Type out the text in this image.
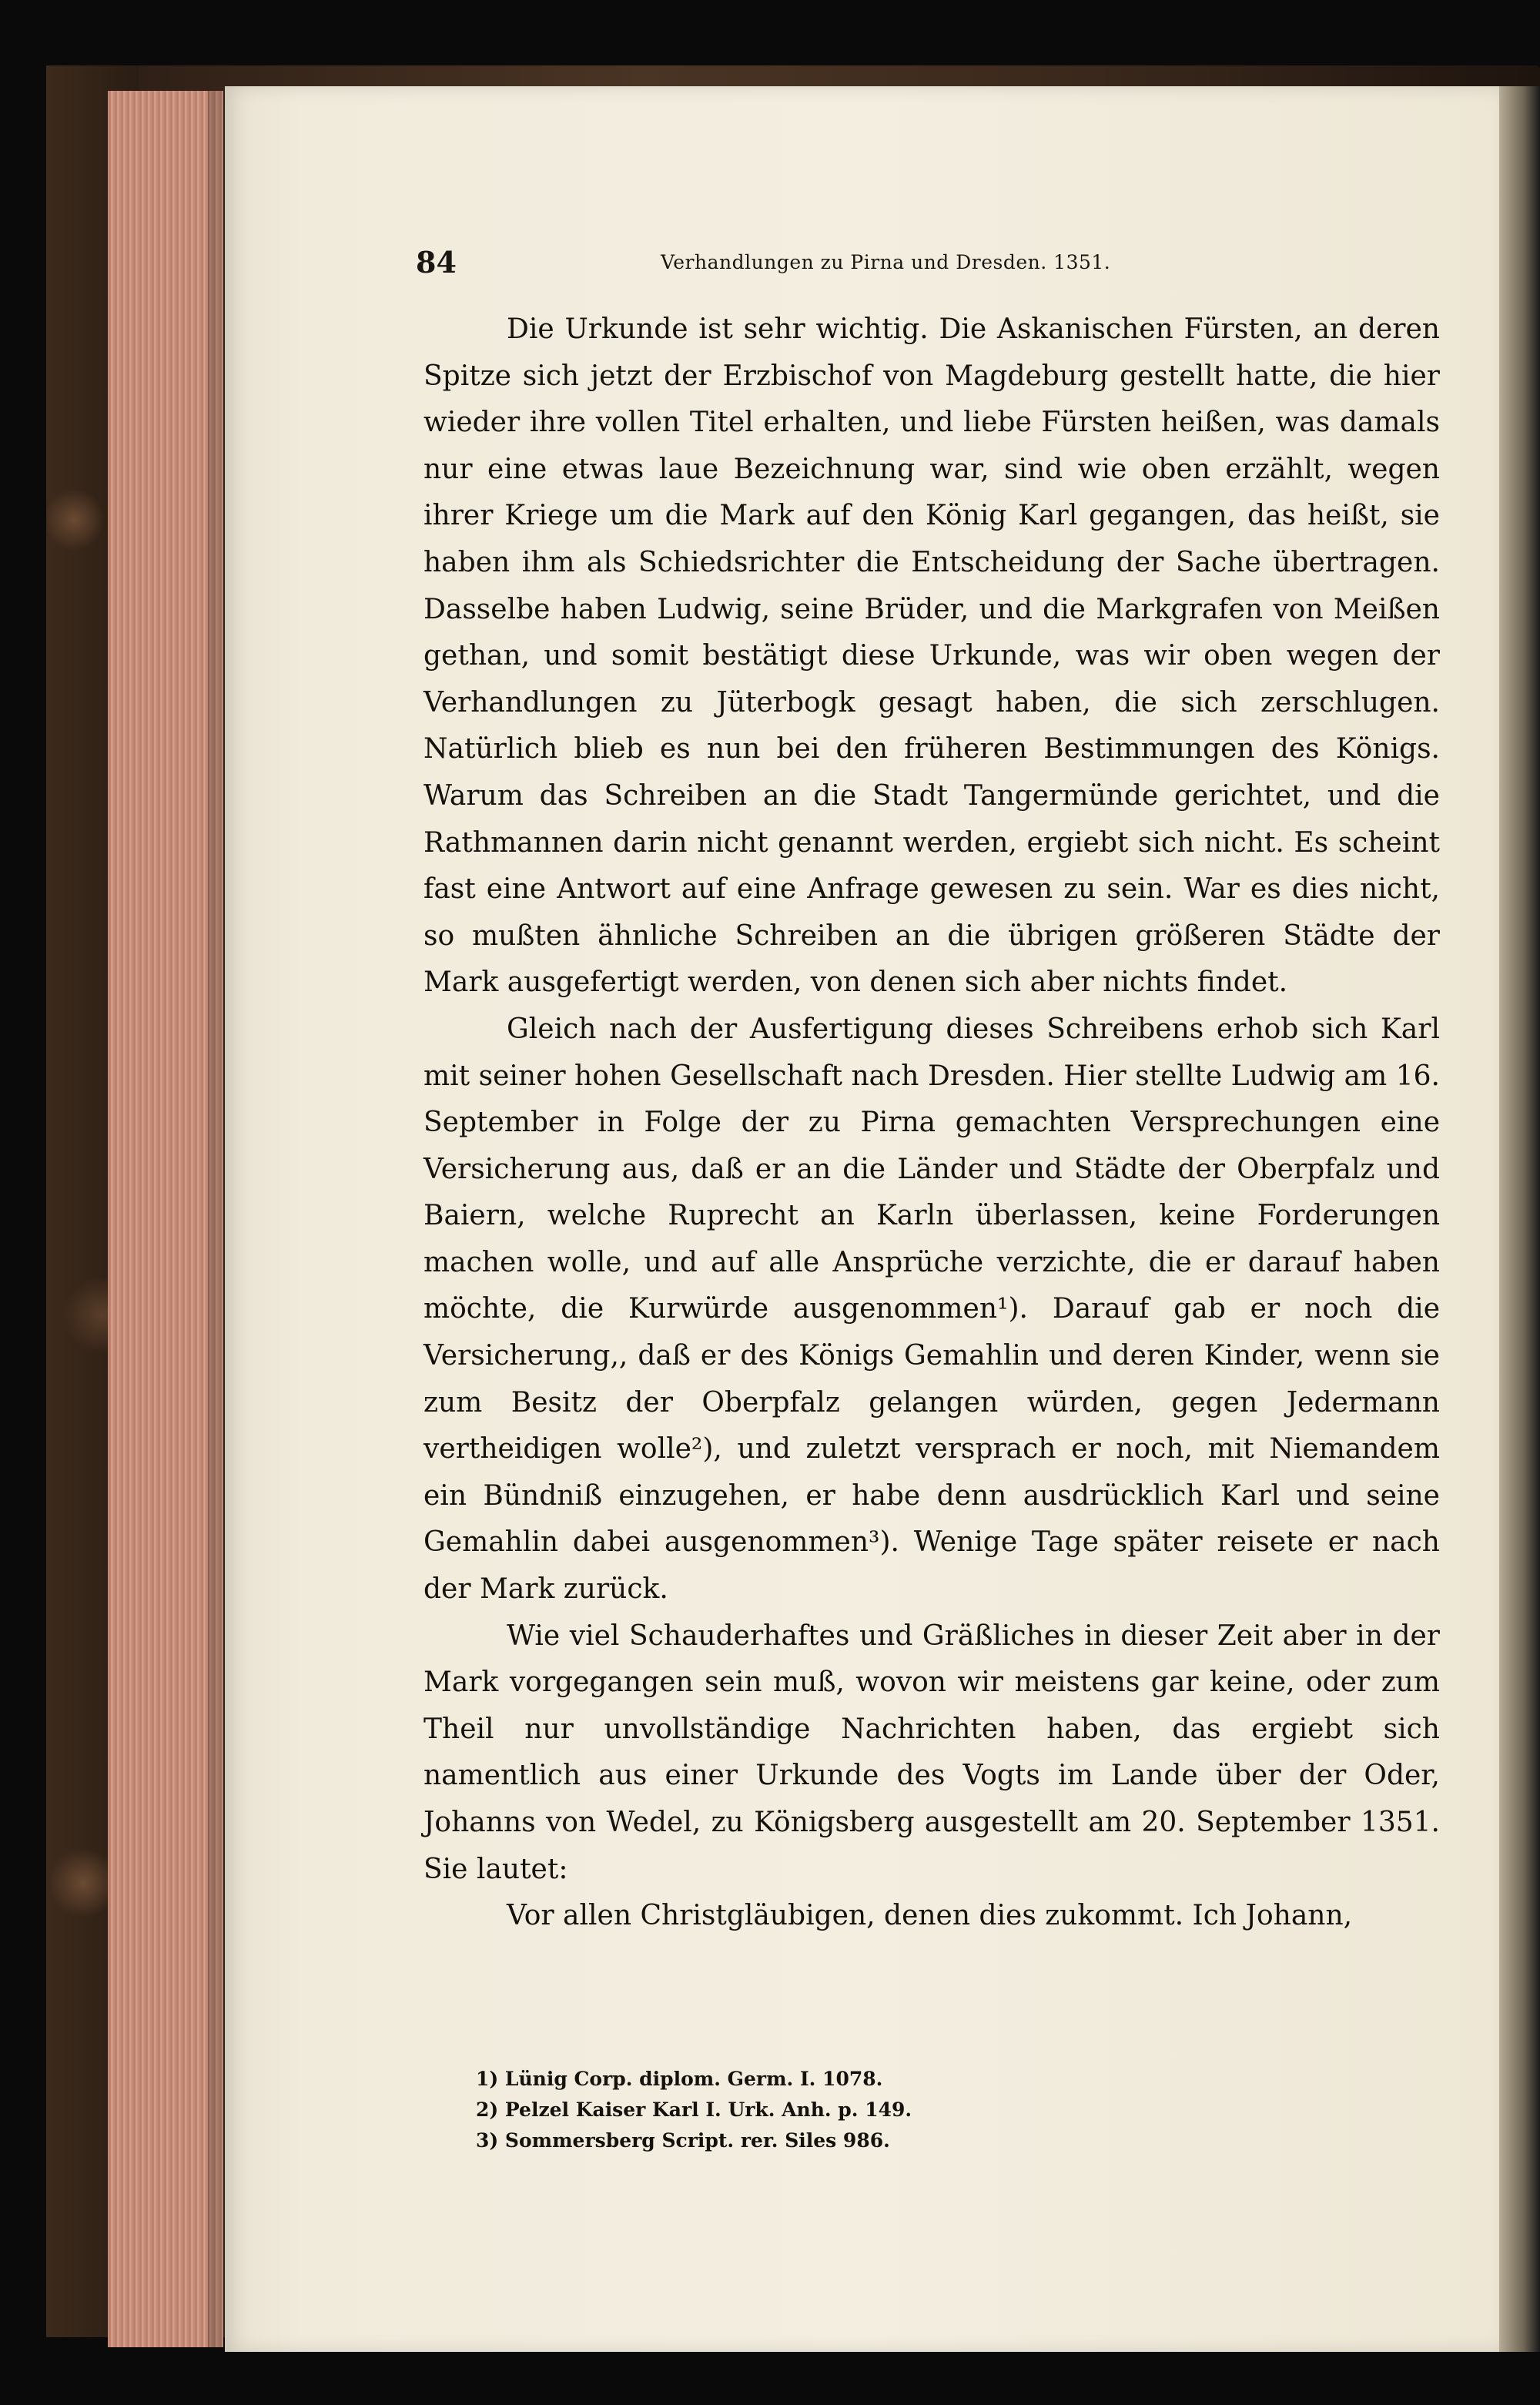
84	Verhandlungen zu Pirna und Dresden. 1351.

Die Urkunde ist sehr wichtig. Die Askanischen Fürsten, an deren Spitze sich jetzt der Erzbischof von Magdeburg gestellt hatte, die hier wieder ihre vollen Titel erhalten, und liebe Fürsten heißen, was damals nur eine etwas laue Bezeichnung war, sind wie oben erzählt, wegen ihrer Kriege um die Mark auf den König Karl gegangen, das heißt, sie haben ihm als Schiedsrichter die Entscheidung der Sache übertragen. Dasselbe haben Ludwig, seine Brüder, und die Markgrafen von Meißen gethan, und somit bestätigt diese Urkunde, was wir oben wegen der Verhandlungen zu Jüterbogk gesagt haben, die sich zerschlugen. Natürlich blieb es nun bei den früheren Bestimmungen des Königs. Warum das Schreiben an die Stadt Tangermünde gerichtet, und die Rathmannen darin nicht genannt werden, ergiebt sich nicht. Es scheint fast eine Antwort auf eine Anfrage gewesen zu sein. War es dies nicht, so mußten ähnliche Schreiben an die übrigen größeren Städte der Mark ausgefertigt werden, von denen sich aber nichts findet.

Gleich nach der Ausfertigung dieses Schreibens erhob sich Karl mit seiner hohen Gesellschaft nach Dresden. Hier stellte Ludwig am 16. September in Folge der zu Pirna gemachten Versprechungen eine Versicherung aus, daß er an die Länder und Städte der Oberpfalz und Baiern, welche Ruprecht an Karln überlassen, keine Forderungen machen wolle, und auf alle Ansprüche verzichte, die er darauf haben möchte, die Kurwürde ausgenommen¹). Darauf gab er noch die Versicherung,, daß er des Königs Gemahlin und deren Kinder, wenn sie zum Besitz der Oberpfalz gelangen würden, gegen Jedermann vertheidigen wolle²), und zuletzt versprach er noch, mit Niemandem ein Bündniß einzugehen, er habe denn ausdrücklich Karl und seine Gemahlin dabei ausgenommen³). Wenige Tage später reisete er nach der Mark zurück.

Wie viel Schauderhaftes und Gräßliches in dieser Zeit aber in der Mark vorgegangen sein muß, wovon wir meistens gar keine, oder zum Theil nur unvollständige Nachrichten haben, das ergiebt sich namentlich aus einer Urkunde des Vogts im Lande über der Oder, Johanns von Wedel, zu Königsberg ausgestellt am 20. September 1351. Sie lautet:

Vor allen Christgläubigen, denen dies zukommt. Ich Johann,

1) Lünig Corp. diplom. Germ. I. 1078.
2) Pelzel Kaiser Karl I. Urk. Anh. p. 149.
3) Sommersberg Script. rer. Siles 986.
